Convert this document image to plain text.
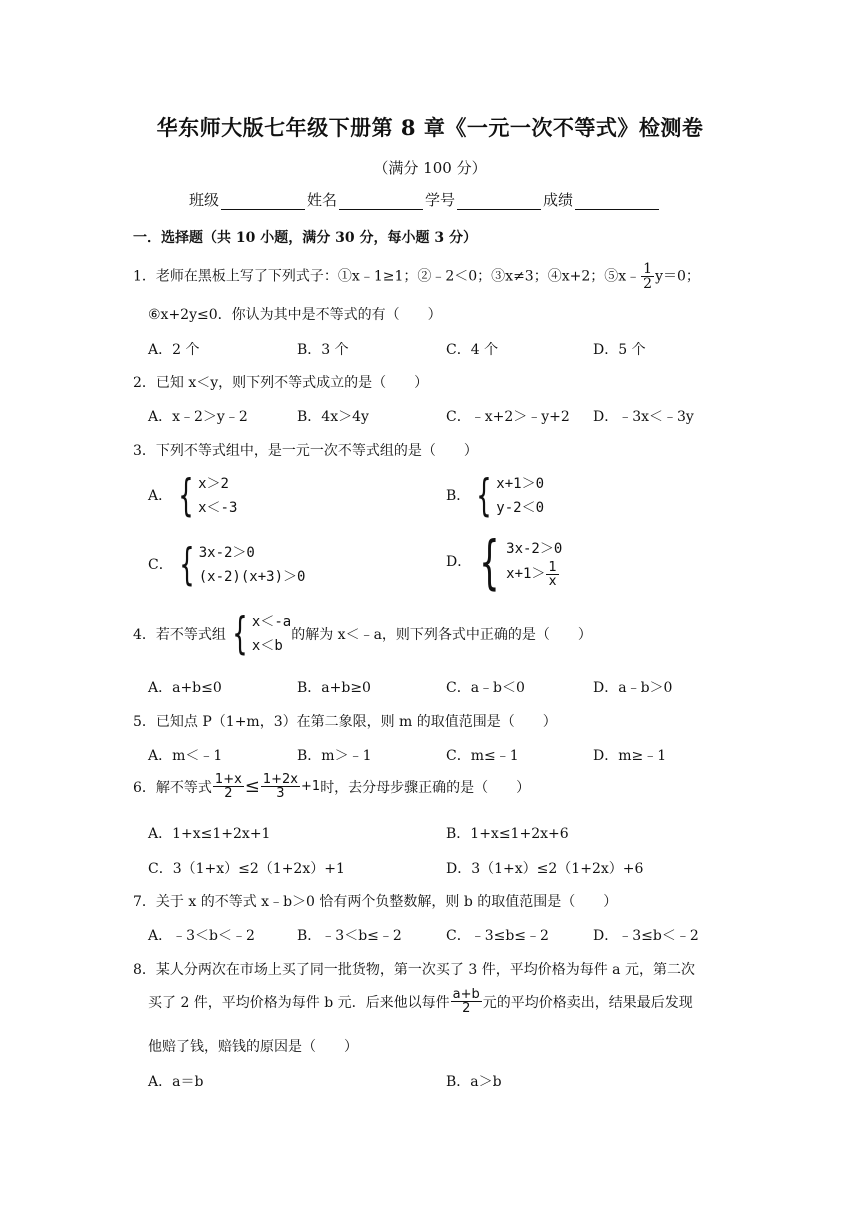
华东师大版七年级下册第 8 章《一元一次不等式》检测卷
（满分 100 分）
班级	姓名	学号	成绩
一．选择题（共 10 小题，满分 30 分，每小题 3 分）
1．老师在黑板上写了下列式子：①x﹣1≥1；②﹣2＜0；③x≠3；④x+2；⑤x﹣ $\frac{1}{2} y=0$；
⑥x+2y≤0．你认为其中是不等式的有（　　）
A．2 个	B．3 个	C．4 个	D．5 个
2．已知 x＜y，则下列不等式成立的是（　　）
A．x﹣2＞y﹣2	B．4x＞4y	C．﹣x+2＞﹣y+2 D．﹣3x＜﹣3y
3．下列不等式组中，是一元一次不等式组的是（　　）
A． { x＞2
x＜-3
B． { x+1＞0
y-2＜0
C． { 3x-2＞0
(x-2)(x+3)＞0
D． { 3x-2＞0
$x+1> \frac{1}{x}$
4． 若不等式组 { x＜-a
x＜b
的解为 x＜﹣a，则下列各式中正确的是（　　）
A．a+b≤0	B．a+b≥0	C．a﹣b＜0	D．a﹣b＞0
5．已知点 P（1+m，3）在第二象限，则 m 的取值范围是（　　）
A．m＜﹣1	B．m＞﹣1	C．m≤﹣1	D．m≥﹣1
6． 解不等式 $\frac{1+x}{2} \le \frac{1+2x}{3} +1$ 时，去分母步骤正确的是（　　）
A．1+x≤1+2x+1	B．1+x≤1+2x+6
C．3（1+x）≤2（1+2x）+1	D．3（1+x）≤2（1+2x）+6
7．关于 x 的不等式 x﹣b＞0 恰有两个负整数解，则 b 的取值范围是（　　）
A．﹣3＜b＜﹣2	B．﹣3＜b≤﹣2	C．﹣3≤b≤﹣2	D．﹣3≤b＜﹣2
8．某人分两次在市场上买了同一批货物，第一次买了 3 件，平均价格为每件 a 元，第二次
买了 2 件，平均价格为每件 b 元．后来他以每件 $\frac{a+b}{2}$ 元的平均价格卖出，结果最后发现
他赔了钱，赔钱的原因是（　　）
A．a＝b	B．a＞b
